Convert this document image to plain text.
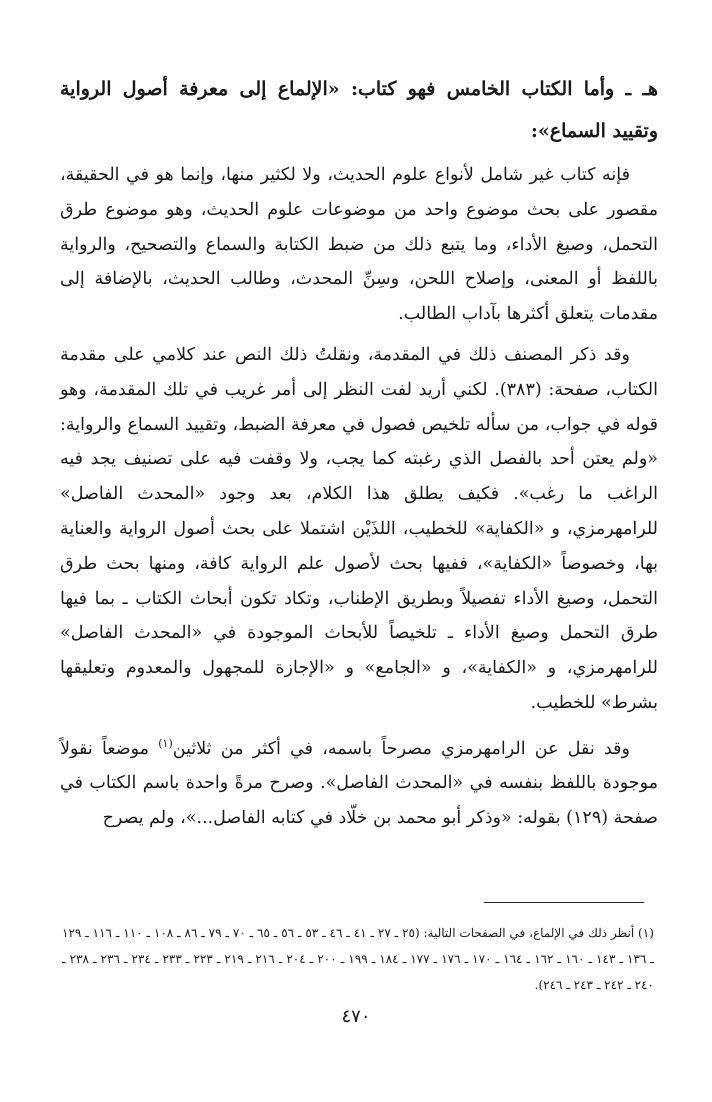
هـ ـ وأما الكتاب الخامس فهو كتاب: «الإلماع إلى معرفة أصول الرواية وتقييد السماع»:

فإنه كتاب غير شامل لأنواع علوم الحديث، ولا لكثير منها، وإنما هو في الحقيقة، مقصور على بحث موضوع واحد من موضوعات علوم الحديث، وهو موضوع طرق التحمل، وصيغ الأداء، وما يتبع ذلك من ضبط الكتابة والسماع والتصحيح، والرواية باللفظ أو المعنى، وإصلاح اللحن، وسِنِّ المحدث، وطالب الحديث، بالإضافة إلى مقدمات يتعلق أكثرها بآداب الطالب.

وقد ذكر المصنف ذلك في المقدمة، ونقلتُ ذلك النص عند كلامي على مقدمة الكتاب، صفحة: (٣٨٣). لكني أريد لفت النظر إلى أمر غريب في تلك المقدمة، وهو قوله في جواب، من سأله تلخيص فصول في معرفة الضبط، وتقييد السماع والرواية: «ولم يعتن أحد بالفصل الذي رغبته كما يجب، ولا وقفت فيه على تصنيف يجد فيه الراغب ما رغب». فكيف يطلق هذا الكلام، بعد وجود «المحدث الفاصل» للرامهرمزي، و «الكفاية» للخطيب، اللذَيْن اشتملا على بحث أصول الرواية والعناية بها، وخصوصاً «الكفاية»، ففيها بحث لأصول علم الرواية كافة، ومنها بحث طرق التحمل، وصيغ الأداء تفصيلاً وبطريق الإطناب، وتكاد تكون أبحاث الكتاب ـ بما فيها طرق التحمل وصيغ الأداء ـ تلخيصاً للأبحاث الموجودة في «المحدث الفاصل» للرامهرمزي، و «الكفاية»، و «الجامع» و «الإجازة للمجهول والمعدوم وتعليقها بشرط» للخطيب.

وقد نقل عن الرامهرمزي مصرحاً باسمه، في أكثر من ثلاثين$^{(١)}$ موضعاً نقولاً موجودة باللفظ بنفسه في «المحدث الفاصل». وصرح مرةً واحدة باسم الكتاب في صفحة (١٢٩) بقوله: «وذكر أبو محمد بن خلّاد في كتابه الفاصل...»، ولم يصرح

(١) أنظر ذلك في الإلماع، في الصفحات التالية: (٢٥ ـ ٢٧ ـ ٤١ ـ ٤٦ ـ ٥٣ ـ ٥٦ ـ ٦٥ ـ ٧٠ ـ ٧٩ ـ ٨٦ ـ ١٠٨ ـ ١١٠ ـ ١١٦ ـ ١٢٩ ـ ١٣٦ ـ ١٤٣ ـ ١٦٠ ـ ١٦٢ ـ ١٦٤ ـ ١٧٠ ـ ١٧٦ ـ ١٧٧ ـ ١٨٤ ـ ١٩٩ ـ ٢٠٠ ـ ٢٠٤ ـ ٢١٦ ـ ٢١٩ ـ ٢٢٣ ـ ٢٣٣ ـ ٢٣٤ ـ ٢٣٦ ـ ٢٣٨ ـ ٢٤٠ ـ ٢٤٢ ـ ٢٤٣ ـ ٢٤٦).

٤٧٠
